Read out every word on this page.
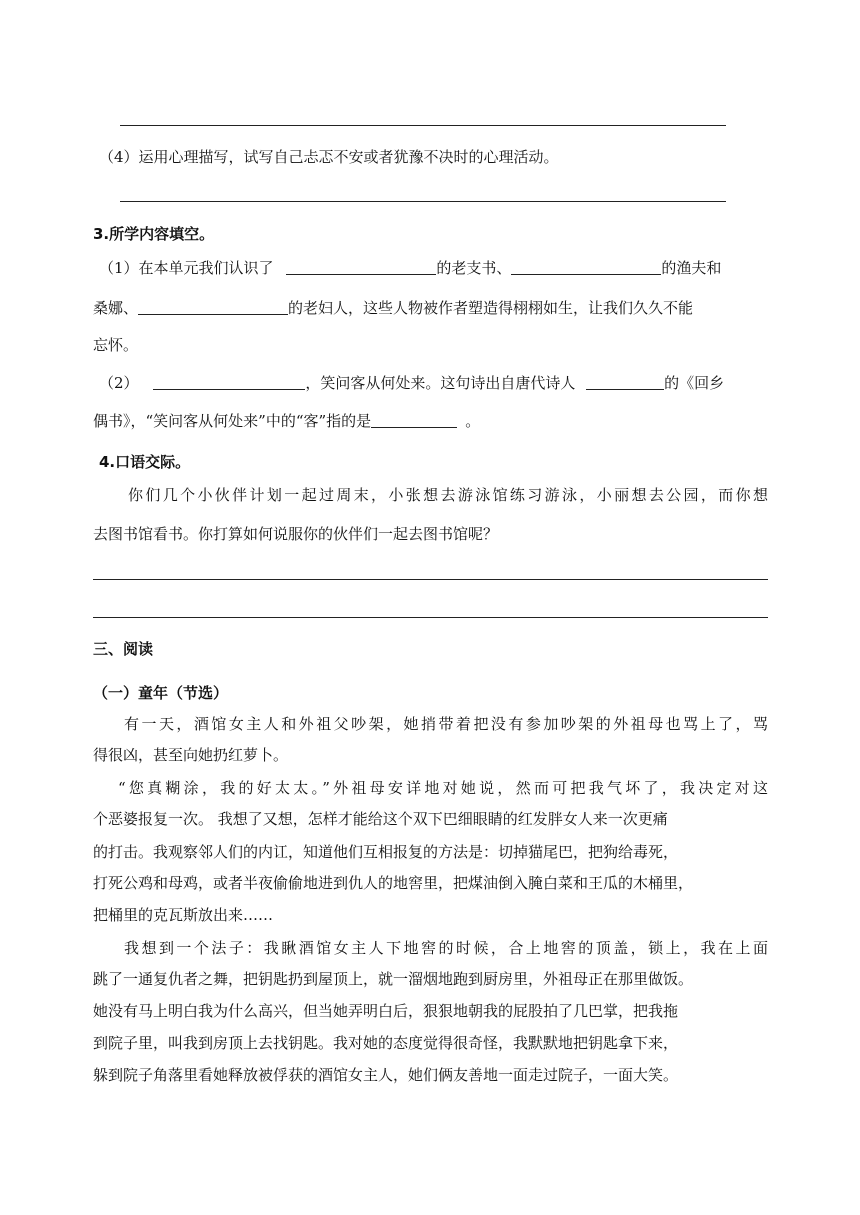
（4）运用心理描写，试写自己忐忑不安或者犹豫不决时的心理活动。
3.所学内容填空。
（1）在本单元我们认识了	的老支书、	的渔夫和
桑娜、	的老妇人，这些人物被作者塑造得栩栩如生，让我们久久不能
忘怀。
（2）	，笑问客从何处来。这句诗出自唐代诗人	的《回乡
偶书》，“笑问客从何处来”中的“客”指的是	。
4.口语交际。
你们几个小伙伴计划一起过周末，小张想去游泳馆练习游泳，小丽想去公园，而你想
去图书馆看书。你打算如何说服你的伙伴们一起去图书馆呢？
三、阅读
（一）童年（节选）
有一天，酒馆女主人和外祖父吵架，她捎带着把没有参加吵架的外祖母也骂上了，骂
得很凶，甚至向她扔红萝卜。
“您真糊涂，我的好太太。”外祖母安详地对她说，然而可把我气坏了，我决定对这
个恶婆报复一次。 我想了又想，怎样才能给这个双下巴细眼睛的红发胖女人来一次更痛
的打击。我观察邻人们的内讧，知道他们互相报复的方法是：切掉猫尾巴，把狗给毒死，
打死公鸡和母鸡，或者半夜偷偷地进到仇人的地窖里，把煤油倒入腌白菜和王瓜的木桶里，
把桶里的克瓦斯放出来……
我想到一个法子：我瞅酒馆女主人下地窖的时候，合上地窖的顶盖，锁上，我在上面
跳了一通复仇者之舞，把钥匙扔到屋顶上，就一溜烟地跑到厨房里，外祖母正在那里做饭。
她没有马上明白我为什么高兴，但当她弄明白后，狠狠地朝我的屁股拍了几巴掌，把我拖
到院子里，叫我到房顶上去找钥匙。我对她的态度觉得很奇怪，我默默地把钥匙拿下来，
躲到院子角落里看她释放被俘获的酒馆女主人，她们俩友善地一面走过院子，一面大笑。
